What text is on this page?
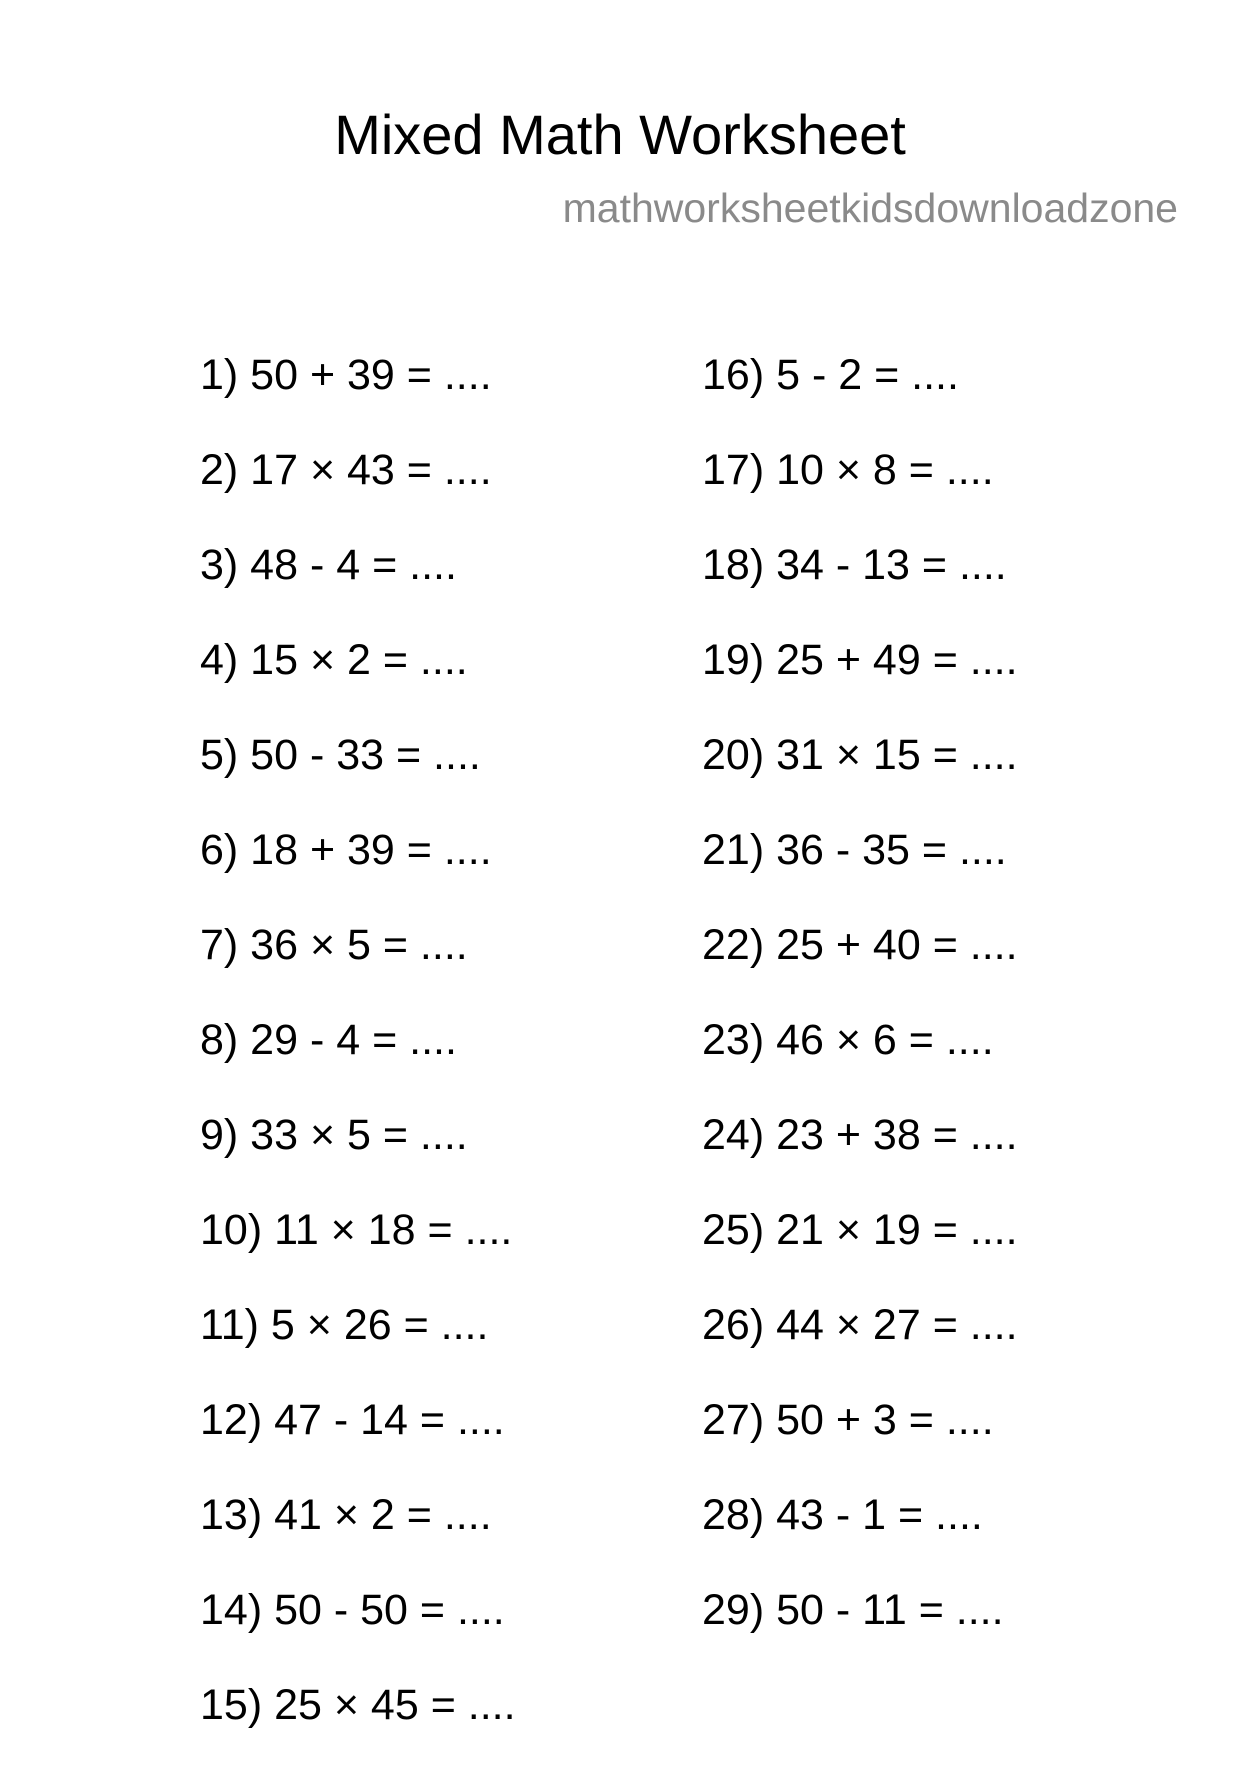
Mixed Math Worksheet
mathworksheetkidsdownloadzone
1) 50 + 39 = ....
2) 17 × 43 = ....
3) 48 - 4 = ....
4) 15 × 2 = ....
5) 50 - 33 = ....
6) 18 + 39 = ....
7) 36 × 5 = ....
8) 29 - 4 = ....
9) 33 × 5 = ....
10) 11 × 18 = ....
11) 5 × 26 = ....
12) 47 - 14 = ....
13) 41 × 2 = ....
14) 50 - 50 = ....
15) 25 × 45 = ....
16) 5 - 2 = ....
17) 10 × 8 = ....
18) 34 - 13 = ....
19) 25 + 49 = ....
20) 31 × 15 = ....
21) 36 - 35 = ....
22) 25 + 40 = ....
23) 46 × 6 = ....
24) 23 + 38 = ....
25) 21 × 19 = ....
26) 44 × 27 = ....
27) 50 + 3 = ....
28) 43 - 1 = ....
29) 50 - 11 = ....
